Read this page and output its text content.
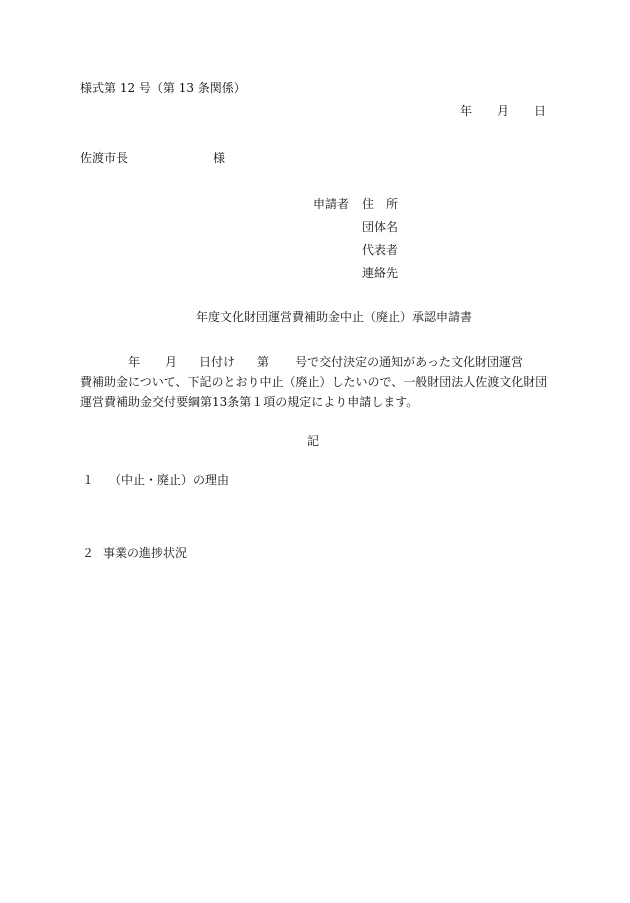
様式第 12 号（第 13 条関係）
年 月 日
佐渡市長	様
申請者 住　所
団体名
代表者
連絡先
年度文化財団運営費補助金中止（廃止）承認申請書
年 月 日付け 第 号で交付決定の通知があった文化財団運営
費補助金について、下記のとおり中止（廃止）したいので、一般財団法人佐渡文化財団
運営費補助金交付要綱第13条第１項の規定により申請します。
記
１ （中止・廃止）の理由
２ 事業の進捗状況
